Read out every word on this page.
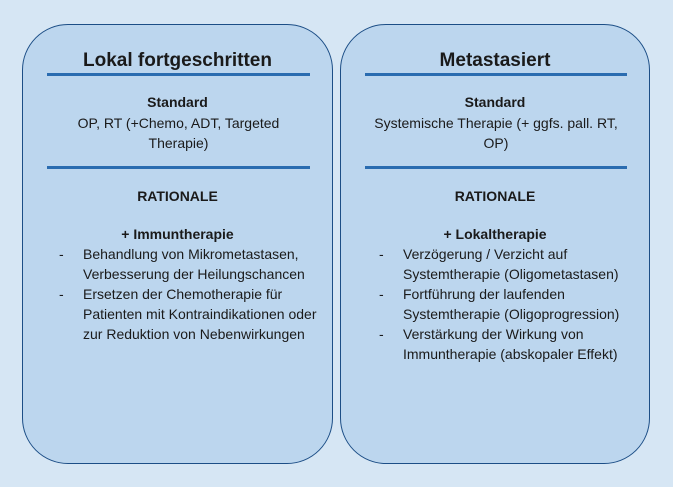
Lokal fortgeschritten
Standard
OP, RT (+Chemo, ADT, Targeted Therapie)
RATIONALE
+ Immuntherapie
- Behandlung von Mikrometastasen, Verbesserung der Heilungschancen
- Ersetzen der Chemotherapie für Patienten mit Kontraindikationen oder zur Reduktion von Nebenwirkungen
Metastasiert
Standard
Systemische Therapie (+ ggfs. pall. RT, OP)
RATIONALE
+ Lokaltherapie
- Verzögerung / Verzicht auf Systemtherapie (Oligometastasen)
- Fortführung der laufenden Systemtherapie (Oligoprogression)
- Verstärkung der Wirkung von Immuntherapie (abskopaler Effekt)
